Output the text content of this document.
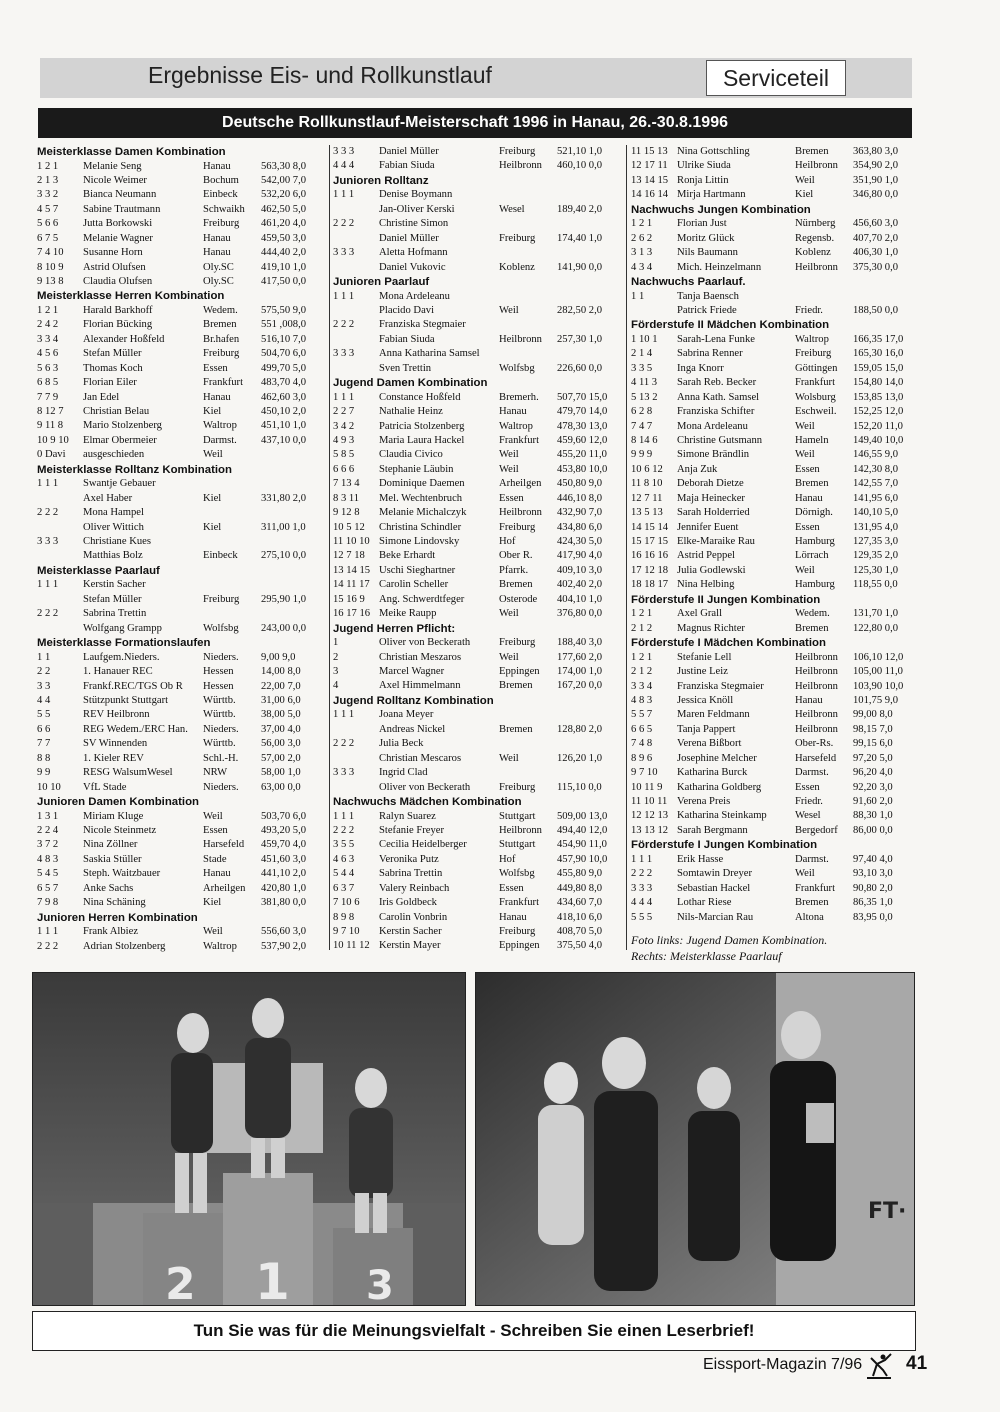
Ergebnisse Eis- und Rollkunstlauf	Serviceteil
Deutsche Rollkunstlauf-Meisterschaft 1996 in Hanau, 26.-30.8.1996
Meisterklasse Damen Kombination
1 2 1	Melanie Seng	Hanau	563,30 8,0
2 1 3	Nicole Weimer	Bochum	542,00 7,0
3 3 2	Bianca Neumann	Einbeck	532,20 6,0
4 5 7	Sabine Trautmann	Schwaikh	462,50 5,0
5 6 6	Jutta Borkowski	Freiburg	461,20 4,0
6 7 5	Melanie Wagner	Hanau	459,50 3,0
7 4 10	Susanne Horn	Hanau	444,40 2,0
8 10 9	Astrid Olufsen	Oly.SC	419,10 1,0
9 13 8	Claudia Olufsen	Oly.SC	417,50 0,0
Meisterklasse Herren Kombination
1 2 1	Harald Barkhoff	Wedem.	575,50 9,0
2 4 2	Florian Bücking	Bremen	551 ,008,0
3 3 4	Alexander Hoßfeld	Br.hafen	516,10 7,0
4 5 6	Stefan Müller	Freiburg	504,70 6,0
5 6 3	Thomas Koch	Essen	499,70 5,0
6 8 5	Florian Eiler	Frankfurt	483,70 4,0
7 7 9	Jan Edel	Hanau	462,60 3,0
8 12 7	Christian Belau	Kiel	450,10 2,0
9 11 8	Mario Stolzenberg	Waltrop	451,10 1,0
10 9 10	Elmar Obermeier	Darmst.	437,10 0,0
0 Davi	ausgeschieden	Weil
Meisterklasse Rolltanz Kombination
1 1 1	Swantje Gebauer
Axel Haber	Kiel	331,80 2,0
2 2 2	Mona Hampel
Oliver Wittich	Kiel	311,00 1,0
3 3 3	Christiane Kues
Matthias Bolz	Einbeck	275,10 0,0
Meisterklasse Paarlauf
1 1 1	Kerstin Sacher
Stefan Müller	Freiburg	295,90 1,0
2 2 2	Sabrina Trettin
Wolfgang Grampp	Wolfsbg	243,00 0,0
Meisterklasse Formationslaufen
1 1	Laufgem.Nieders.	Nieders.	9,00 9,0
2 2	1. Hanauer REC	Hessen	14,00 8,0
3 3	Frankf.REC/TGS Ob R	Hessen	22,00 7,0
4 4	Stützpunkt Stuttgart	Württb.	31,00 6,0
5 5	REV Heilbronn	Württb.	38,00 5,0
6 6	REG Wedem./ERC Han.	Nieders.	37,00 4,0
7 7	SV Winnenden	Württb.	56,00 3,0
8 8	1. Kieler REV	Schl.-H.	57,00 2,0
9 9	RESG WalsumWesel	NRW	58,00 1,0
10 10	VfL Stade	Nieders.	63,00 0,0
Junioren Damen Kombination
1 3 1	Miriam Kluge	Weil	503,70 6,0
2 2 4	Nicole Steinmetz	Essen	493,20 5,0
3 7 2	Nina Zöllner	Harsefeld	459,70 4,0
4 8 3	Saskia Stüller	Stade	451,60 3,0
5 4 5	Steph. Waitzbauer	Hanau	441,10 2,0
6 5 7	Anke Sachs	Arheilgen	420,80 1,0
7 9 8	Nina Schäning	Kiel	381,80 0,0
Junioren Herren Kombination
1 1 1	Frank Albiez	Weil	556,60 3,0
2 2 2	Adrian Stolzenberg	Waltrop	537,90 2,0
3 3 3	Daniel Müller	Freiburg	521,10 1,0
4 4 4	Fabian Siuda	Heilbronn	460,10 0,0
Junioren Rolltanz
1 1 1	Denise Boymann
Jan-Oliver Kerski	Wesel	189,40 2,0
2 2 2	Christine Simon
Daniel Müller	Freiburg	174,40 1,0
3 3 3	Aletta Hofmann
Daniel Vukovic	Koblenz	141,90 0,0
Junioren Paarlauf
1 1 1	Mona Ardeleanu
Placido Davi	Weil	282,50 2,0
2 2 2	Franziska Stegmaier
Fabian Siuda	Heilbronn	257,30 1,0
3 3 3	Anna Katharina Samsel
Sven Trettin	Wolfsbg	226,60 0,0
Jugend Damen Kombination
1 1 1	Constance Hoßfeld	Bremerh.	507,70 15,0
2 2 7	Nathalie Heinz	Hanau	479,70 14,0
3 4 2	Patricia Stolzenberg	Waltrop	478,30 13,0
4 9 3	Maria Laura Hackel	Frankfurt	459,60 12,0
5 8 5	Claudia Civico	Weil	455,20 11,0
6 6 6	Stephanie Läubin	Weil	453,80 10,0
7 13 4	Dominique Daemen	Arheilgen	450,80 9,0
8 3 11	Mel. Wechtenbruch	Essen	446,10 8,0
9 12 8	Melanie Michalczyk	Heilbronn	432,90 7,0
10 5 12	Christina Schindler	Freiburg	434,80 6,0
11 10 10 Simone Lindovsky	Hof	424,30 5,0
12 7 18	Beke Erhardt	Ober R.	417,90 4,0
13 14 15 Uschi Sieghartner	Pfarrk.	409,10 3,0
14 11 17 Carolin Scheller	Bremen	402,40 2,0
15 16 9	Ang. Schwerdtfeger	Osterode	404,10 1,0
16 17 16 Meike Raupp	Weil	376,80 0,0
Jugend Herren Pflicht:
1	Oliver von Beckerath	Freiburg	188,40 3,0
2	Christian Meszaros	Weil	177,60 2,0
3	Marcel Wagner	Eppingen	174,00 1,0
4	Axel Himmelmann	Bremen	167,20 0,0
Jugend Rolltanz Kombination
1 1 1	Joana Meyer
Andreas Nickel	Bremen	128,80 2,0
2 2 2	Julia Beck
Christian Mescaros	Weil	126,20 1,0
3 3 3	Ingrid Clad
Oliver von Beckerath	Freiburg	115,10 0,0
Nachwuchs Mädchen Kombination
1 1 1	Ralyn Suarez	Stuttgart	509,00 13,0
2 2 2	Stefanie Freyer	Heilbronn	494,40 12,0
3 5 5	Cecilia Heidelberger	Stuttgart	454,90 11,0
4 6 3	Veronika Putz	Hof	457,90 10,0
5 4 4	Sabrina Trettin	Wolfsbg	455,80 9,0
6 3 7	Valery Reinbach	Essen	449,80 8,0
7 10 6	Iris Goldbeck	Frankfurt	434,60 7,0
8 9 8	Carolin Vonbrin	Hanau	418,10 6,0
9 7 10	Kerstin Sacher	Freiburg	408,70 5,0
10 11 12 Kerstin Mayer	Eppingen	375,50 4,0
11 15 13 Nina Gottschling	Bremen	363,80 3,0
12 17 11 Ulrike Siuda	Heilbronn	354,90 2,0
13 14 15 Ronja Littin	Weil	351,90 1,0
14 16 14 Mirja Hartmann	Kiel	346,80 0,0
Nachwuchs Jungen Kombination
1 2 1	Florian Just	Nürnberg	456,60 3,0
2 6 2	Moritz Glück	Regensb.	407,70 2,0
3 1 3	Nils Baumann	Koblenz	406,30 1,0
4 3 4	Mich. Heinzelmann	Heilbronn	375,30 0,0
Nachwuchs Paarlauf.
1 1	Tanja Baensch
Patrick Friede	Friedr.	188,50 0,0
Förderstufe II Mädchen Kombination
1 10 1	Sarah-Lena Funke	Waltrop	166,35 17,0
2 1 4	Sabrina Renner	Freiburg	165,30 16,0
3 3 5	Inga Knorr	Göttingen	159,05 15,0
4 11 3	Sarah Reb. Becker	Frankfurt	154,80 14,0
5 13 2	Anna Kath. Samsel	Wolsburg	153,85 13,0
6 2 8	Franziska Schifter	Eschweil.	152,25 12,0
7 4 7	Mona Ardeleanu	Weil	152,20 11,0
8 14 6	Christine Gutsmann	Hameln	149,40 10,0
9 9 9	Simone Brändlin	Weil	146,55 9,0
10 6 12	Anja Zuk	Essen	142,30 8,0
11 8 10	Deborah Dietze	Bremen	142,55 7,0
12 7 11	Maja Heinecker	Hanau	141,95 6,0
13 5 13	Sarah Holderried	Dörnigh.	140,10 5,0
14 15 14 Jennifer Euent	Essen	131,95 4,0
15 17 15 Elke-Maraike Rau	Hamburg	127,35 3,0
16 16 16 Astrid Peppel	Lörrach	129,35 2,0
17 12 18 Julia Godlewski	Weil	125,30 1,0
18 18 17 Nina Helbing	Hamburg	118,55 0,0
Förderstufe II Jungen Kombination
1 2 1	Axel Grall	Wedem.	131,70 1,0
2 1 2	Magnus Richter	Bremen	122,80 0,0
Förderstufe I Mädchen Kombination
1 2 1	Stefanie Lell	Heilbronn	106,10 12,0
2 1 2	Justine Leiz	Heilbronn	105,00 11,0
3 3 4	Franziska Stegmaier	Heilbronn	103,90 10,0
4 8 3	Jessica Knöll	Hanau	101,75 9,0
5 5 7	Maren Feldmann	Heilbronn	99,00 8,0
6 6 5	Tanja Pappert	Heilbronn	98,15 7,0
7 4 8	Verena Bißbort	Ober-Rs.	99,15 6,0
8 9 6	Josephine Melcher	Harsefeld	97,20 5,0
9 7 10	Katharina Burck	Darmst.	96,20 4,0
10 11 9	Katharina Goldberg	Essen	92,20 3,0
11 10 11 Verena Preis	Friedr.	91,60 2,0
12 12 13 Katharina Steinkamp	Wesel	88,30 1,0
13 13 12 Sarah Bergmann	Bergedorf	86,00 0,0
Förderstufe I Jungen Kombination
1 1 1	Erik Hasse	Darmst.	97,40 4,0
2 2 2	Somtawin Dreyer	Weil	93,10 3,0
3 3 3	Sebastian Hackel	Frankfurt	90,80 2,0
4 4 4	Lothar Riese	Bremen	86,35 1,0
5 5 5	Nils-Marcian Rau	Altona	83,95 0,0
Foto links: Jugend Damen Kombination.
Rechts: Meisterklasse Paarlauf
2 1 3
FT·
Tun Sie was für die Meinungsvielfalt - Schreiben Sie einen Leserbrief!
Eissport-Magazin 7/96 41
